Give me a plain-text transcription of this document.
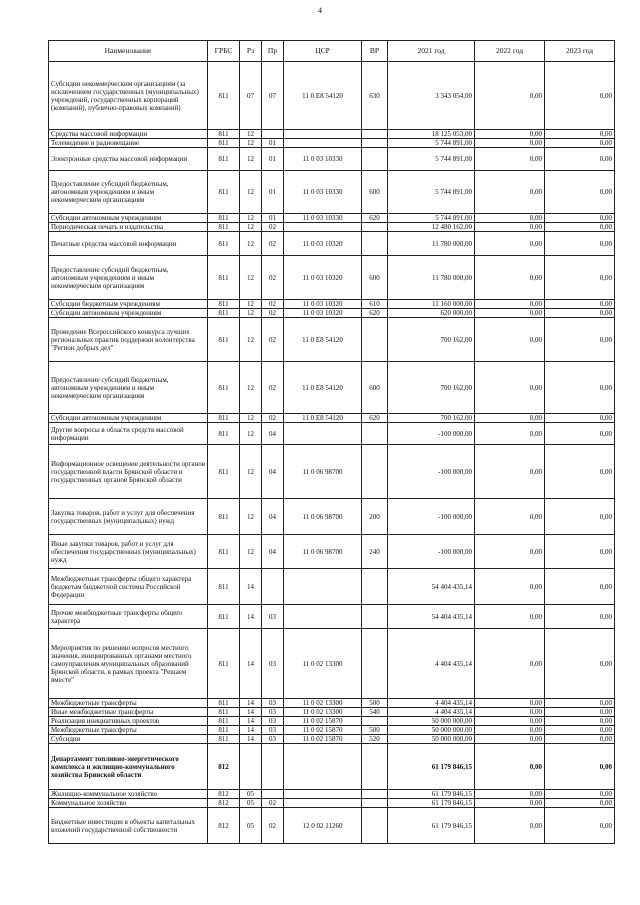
4
Наименование	ГРБС	Рз	Пр	ЦСР	ВР	2021 год	2022 год	2023 год
Субсидии некоммерческим организациям (за исключением государственных (муниципальных) учреждений, государственных корпораций (компаний), публично-правовых компаний)	811	07	07	11 0 E8 54120	630	3 343 054,00	0,00	0,00
Средства массовой информации	811	12				18 125 053,00	0,00	0,00
Телевидение и радиовещание	811	12	01			5 744 891,00	0,00	0,00
Электронные средства массовой информации	811	12	01	11 0 03 10330		5 744 891,00	0,00	0,00
Предоставление субсидий бюджетным, автономным учреждениям и иным некоммерческим организациям	811	12	01	11 0 03 10330	600	5 744 891,00	0,00	0,00
Субсидии автономным учреждениям	811	12	01	11 0 03 10330	620	5 744 891,00	0,00	0,00
Периодическая печать и издательства	811	12	02			12 480 162,00	0,00	0,00
Печатные средства массовой информации	811	12	02	11 0 03 10320		11 780 000,00	0,00	0,00
Предоставление субсидий бюджетным, автономным учреждениям и иным некоммерческим организациям	811	12	02	11 0 03 10320	600	11 780 000,00	0,00	0,00
Субсидии бюджетным учреждениям	811	12	02	11 0 03 10320	610	11 160 000,00	0,00	0,00
Субсидии автономным учреждениям	811	12	02	11 0 03 10320	620	620 000,00	0,00	0,00
Проведение Всероссийского конкурса лучших региональных практик поддержки волонтерства "Регион добрых дел"	811	12	02	11 0 E8 54120		700 162,00	0,00	0,00
Предоставление субсидий бюджетным, автономным учреждениям и иным некоммерческим организациям	811	12	02	11 0 E8 54120	600	700 162,00	0,00	0,00
Субсидии автономным учреждениям	811	12	02	11 0 E8 54120	620	700 162,00	0,00	0,00
Другие вопросы в области средств массовой информации	811	12	04			-100 000,00	0,00	0,00
Информационное освещение деятельности органов государственной власти Брянской области и государственных органов Брянской области	811	12	04	11 0 06 98700		-100 000,00	0,00	0,00
Закупка товаров, работ и услуг для обеспечения государственных (муниципальных) нужд	811	12	04	11 0 06 98700	200	-100 000,00	0,00	0,00
Иные закупки товаров, работ и услуг для обеспечения государственных (муниципальных) нужд	811	12	04	11 0 06 98700	240	-100 000,00	0,00	0,00
Межбюджетные трансферты общего характера бюджетам бюджетной системы Российской Федерации	811	14				54 404 435,14	0,00	0,00
Прочие межбюджетные трансферты общего характера	811	14	03			54 404 435,14	0,00	0,00
Мероприятия по решению вопросов местного значения, инициированных органами местного самоуправления муниципальных образований Брянской области, в рамках проекта "Решаем вместе"	811	14	03	11 0 02 13300		4 404 435,14	0,00	0,00
Межбюджетные трансферты	811	14	03	11 0 02 13300	500	4 404 435,14	0,00	0,00
Иные межбюджетные трансферты	811	14	03	11 0 02 13300	540	4 404 435,14	0,00	0,00
Реализация инициативных проектов	811	14	03	11 0 02 15870		50 000 000,00	0,00	0,00
Межбюджетные трансферты	811	14	03	11 0 02 15870	500	50 000 000,00	0,00	0,00
Субсидии	811	14	03	11 0 02 15870	520	50 000 000,00	0,00	0,00
Департамент топливно-энергетического комплекса и жилищно-коммунального хозяйства Брянской области	812					61 179 846,15	0,00	0,00
Жилищно-коммунальное хозяйство	812	05				61 179 846,15	0,00	0,00
Коммунальное хозяйство	812	05	02			61 179 846,15	0,00	0,00
Бюджетные инвестиции в объекты капитальных вложений государственной собственности	812	05	02	12 0 02 11260		61 179 846,15	0,00	0,00
